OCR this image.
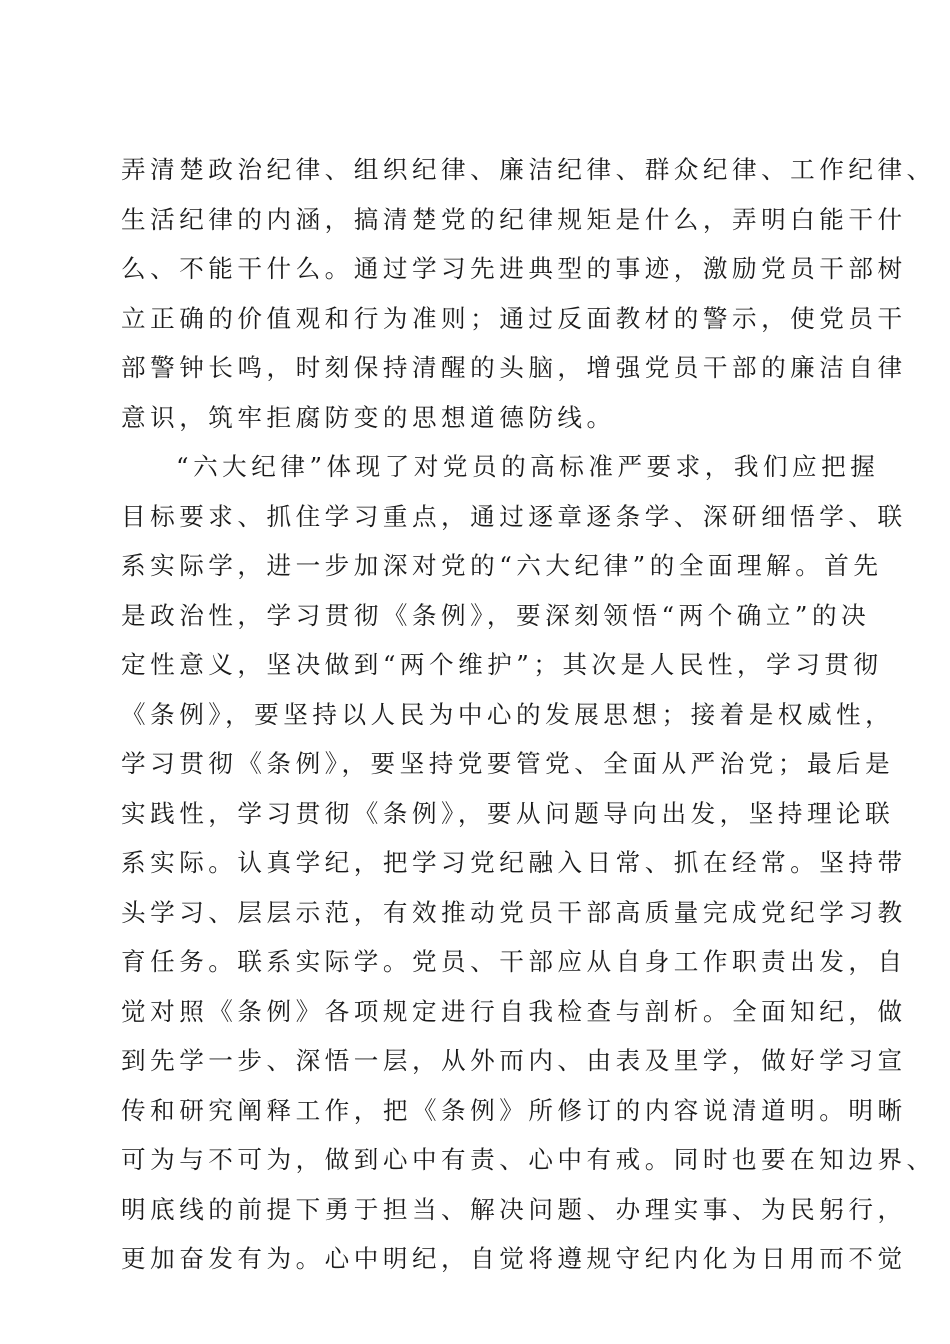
弄清楚政治纪律、组织纪律、廉洁纪律、群众纪律、工作纪律、
生活纪律的内涵，搞清楚党的纪律规矩是什么，弄明白能干什
么、不能干什么。通过学习先进典型的事迹，激励党员干部树
立正确的价值观和行为准则；通过反面教材的警示，使党员干
部警钟长鸣，时刻保持清醒的头脑，增强党员干部的廉洁自律
意识，筑牢拒腐防变的思想道德防线。
“六大纪律”体现了对党员的高标准严要求，我们应把握
目标要求、抓住学习重点，通过逐章逐条学、深研细悟学、联
系实际学，进一步加深对党的“六大纪律”的全面理解。首先
是政治性，学习贯彻《条例》，要深刻领悟“两个确立”的决
定性意义，坚决做到“两个维护”；其次是人民性，学习贯彻
《条例》，要坚持以人民为中心的发展思想；接着是权威性，
学习贯彻《条例》，要坚持党要管党、全面从严治党；最后是
实践性，学习贯彻《条例》，要从问题导向出发，坚持理论联
系实际。认真学纪，把学习党纪融入日常、抓在经常。坚持带
头学习、层层示范，有效推动党员干部高质量完成党纪学习教
育任务。联系实际学。党员、干部应从自身工作职责出发，自
觉对照《条例》各项规定进行自我检查与剖析。全面知纪，做
到先学一步、深悟一层，从外而内、由表及里学，做好学习宣
传和研究阐释工作，把《条例》所修订的内容说清道明。明晰
可为与不可为，做到心中有责、心中有戒。同时也要在知边界、
明底线的前提下勇于担当、解决问题、办理实事、为民躬行，
更加奋发有为。心中明纪，自觉将遵规守纪内化为日用而不觉
